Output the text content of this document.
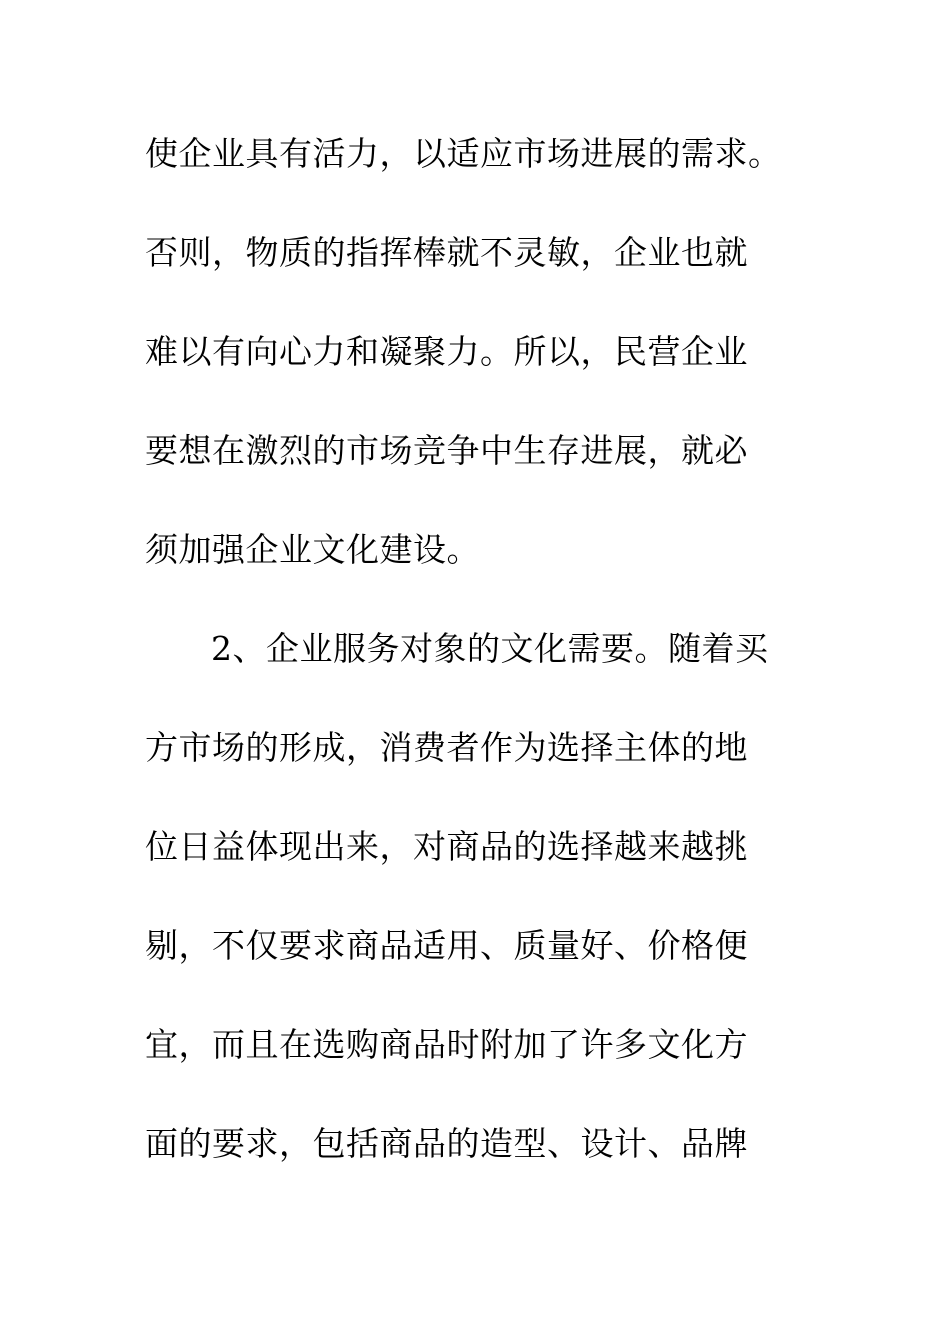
使企业具有活力，以适应市场进展的需求。
否则，物质的指挥棒就不灵敏，企业也就
难以有向心力和凝聚力。所以，民营企业
要想在激烈的市场竞争中生存进展，就必
须加强企业文化建设。
2、企业服务对象的文化需要。随着买
方市场的形成，消费者作为选择主体的地
位日益体现出来，对商品的选择越来越挑
剔，不仅要求商品适用、质量好、价格便
宜，而且在选购商品时附加了许多文化方
面的要求，包括商品的造型、设计、品牌
